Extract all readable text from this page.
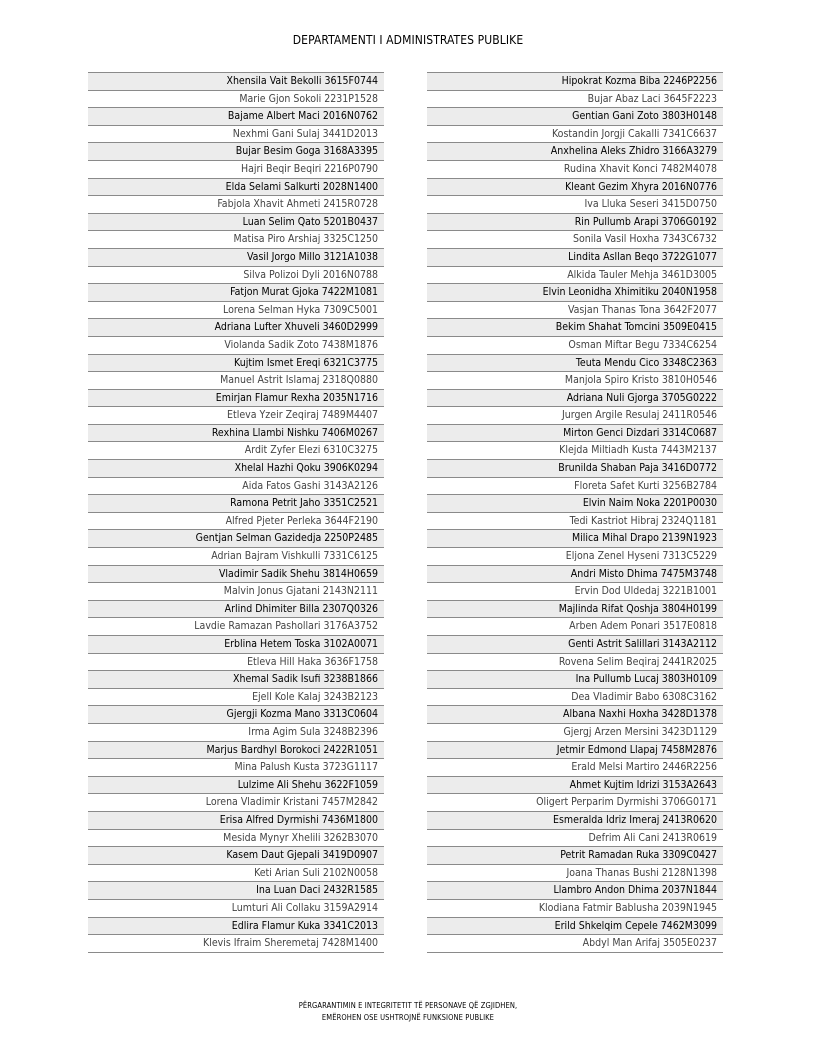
DEPARTAMENTI I ADMINISTRATES PUBLIKE
Xhensila Vait Bekolli 3615F0744
Marie Gjon Sokoli 2231P1528
Bajame Albert Maci 2016N0762
Nexhmi Gani Sulaj 3441D2013
Bujar Besim Goga 3168A3395
Hajri Beqir Beqiri 2216P0790
Elda Selami Salkurti 2028N1400
Fabjola Xhavit Ahmeti 2415R0728
Luan Selim Qato 5201B0437
Matisa Piro Arshiaj 3325C1250
Vasil Jorgo Millo 3121A1038
Silva Polizoi Dyli 2016N0788
Fatjon Murat Gjoka 7422M1081
Lorena Selman Hyka 7309C5001
Adriana Lufter Xhuveli 3460D2999
Violanda Sadik Zoto 7438M1876
Kujtim Ismet Ereqi 6321C3775
Manuel Astrit Islamaj 2318Q0880
Emirjan Flamur Rexha 2035N1716
Etleva Yzeir Zeqiraj 7489M4407
Rexhina Llambi Nishku 7406M0267
Ardit Zyfer Elezi 6310C3275
Xhelal Hazhi Qoku 3906K0294
Aida Fatos Gashi 3143A2126
Ramona Petrit Jaho 3351C2521
Alfred Pjeter Perleka 3644F2190
Gentjan Selman Gazidedja 2250P2485
Adrian Bajram Vishkulli 7331C6125
Vladimir Sadik Shehu 3814H0659
Malvin Jonus Gjatani 2143N2111
Arlind Dhimiter Billa 2307Q0326
Lavdie Ramazan Pashollari 3176A3752
Erblina Hetem Toska 3102A0071
Etleva Hill Haka 3636F1758
Xhemal Sadik Isufi 3238B1866
Ejell Kole Kalaj 3243B2123
Gjergji Kozma Mano 3313C0604
Irma Agim Sula 3248B2396
Marjus Bardhyl Borokoci 2422R1051
Mina Palush Kusta 3723G1117
Lulzime Ali Shehu 3622F1059
Lorena Vladimir Kristani 7457M2842
Erisa Alfred Dyrmishi 7436M1800
Mesida Mynyr Xhelili 3262B3070
Kasem Daut Gjepali 3419D0907
Keti Arian Suli 2102N0058
Ina Luan Daci 2432R1585
Lumturi Ali Collaku 3159A2914
Edlira Flamur Kuka 3341C2013
Klevis Ifraim Sheremetaj 7428M1400
Hipokrat Kozma Biba 2246P2256
Bujar Abaz Laci 3645F2223
Gentian Gani Zoto 3803H0148
Kostandin Jorgji Cakalli 7341C6637
Anxhelina Aleks Zhidro 3166A3279
Rudina Xhavit Konci 7482M4078
Kleant Gezim Xhyra 2016N0776
Iva Lluka Seseri 3415D0750
Rin Pullumb Arapi 3706G0192
Sonila Vasil Hoxha 7343C6732
Lindita Asllan Beqo 3722G1077
Alkida Tauler Mehja 3461D3005
Elvin Leonidha Xhimitiku 2040N1958
Vasjan Thanas Tona 3642F2077
Bekim Shahat Tomcini 3509E0415
Osman Miftar Begu 7334C6254
Teuta Mendu Cico 3348C2363
Manjola Spiro Kristo 3810H0546
Adriana Nuli Gjorga 3705G0222
Jurgen Argile Resulaj 2411R0546
Mirton Genci Dizdari 3314C0687
Klejda Miltiadh Kusta 7443M2137
Brunilda Shaban Paja 3416D0772
Floreta Safet Kurti 3256B2784
Elvin Naim Noka 2201P0030
Tedi Kastriot Hibraj 2324Q1181
Milica Mihal Drapo 2139N1923
Eljona Zenel Hyseni 7313C5229
Andri Misto Dhima 7475M3748
Ervin Dod Uldedaj 3221B1001
Majlinda Rifat Qoshja 3804H0199
Arben Adem Ponari 3517E0818
Genti Astrit Salillari 3143A2112
Rovena Selim Beqiraj 2441R2025
Ina Pullumb Lucaj 3803H0109
Dea Vladimir Babo 6308C3162
Albana Naxhi Hoxha 3428D1378
Gjergj Arzen Mersini 3423D1129
Jetmir Edmond Llapaj 7458M2876
Erald Melsi Martiro 2446R2256
Ahmet Kujtim Idrizi 3153A2643
Oligert Perparim Dyrmishi 3706G0171
Esmeralda Idriz Imeraj 2413R0620
Defrim Ali Cani 2413R0619
Petrit Ramadan Ruka 3309C0427
Joana Thanas Bushi 2128N1398
Llambro Andon Dhima 2037N1844
Klodiana Fatmir Bablusha 2039N1945
Erild Shkelqim Cepele 7462M3099
Abdyl Man Arifaj 3505E0237
PËRGARANTIMIN E INTEGRITETIT TË PERSONAVE QË ZGJIDHEN,
EMËROHEN OSE USHTROJNË FUNKSIONE PUBLIKE
